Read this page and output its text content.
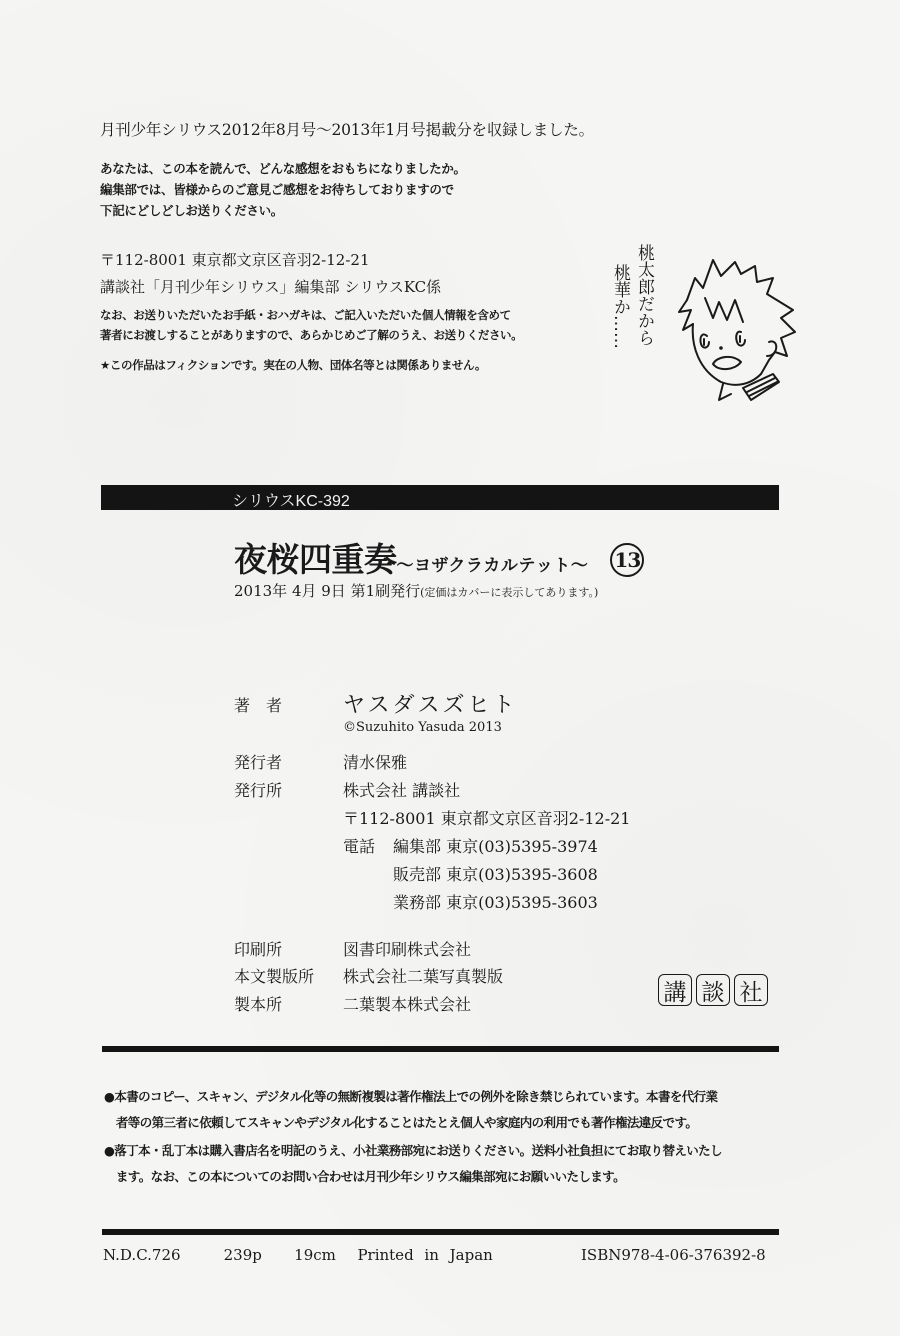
月刊少年シリウス2012年8月号〜2013年1月号掲載分を収録しました。
あなたは、この本を読んで、どんな感想をおもちになりましたか。
編集部では、皆様からのご意見ご感想をお待ちしておりますので
下記にどしどしお送りください。
〒112-8001 東京都文京区音羽2-12-21
講談社「月刊少年シリウス」編集部 シリウスKC係
なお、お送りいただいたお手紙・おハガキは、ご記入いただいた個人情報を含めて
著者にお渡しすることがありますので、あらかじめご了解のうえ、お送りください。
★この作品はフィクションです。実在の人物、団体名等とは関係ありません。
桃太郎だから
桃華か……
シリウスKC-392
夜桜四重奏〜ヨザクラカルテット〜 13
2013年 4月 9日 第1刷発行(定価はカバーに表示してあります。)
著　者	ヤスダスズヒト
©Suzuhito Yasuda 2013
発行者	清水保雅
発行所	株式会社 講談社
〒112-8001 東京都文京区音羽2-12-21
電話 編集部 東京(03)5395-3974
販売部 東京(03)5395-3608
業務部 東京(03)5395-3603
印刷所	図書印刷株式会社
本文製版所 株式会社二葉写真製版
製本所	二葉製本株式会社	講 談 社
●本書のコピー、スキャン、デジタル化等の無断複製は著作権法上での例外を除き禁じられています。本書を代行業
　者等の第三者に依頼してスキャンやデジタル化することはたとえ個人や家庭内の利用でも著作権法違反です。
●落丁本・乱丁本は購入書店名を明記のうえ、小社業務部宛にお送りください。送料小社負担にてお取り替えいたし
　ます。なお、この本についてのお問い合わせは月刊少年シリウス編集部宛にお願いいたします。
N.D.C.726	239p 19cm Printed in Japan	ISBN978-4-06-376392-8
